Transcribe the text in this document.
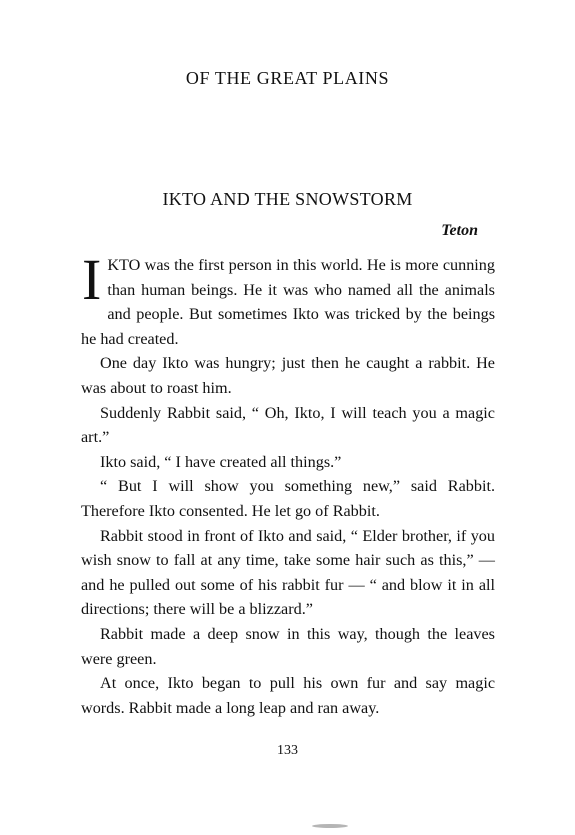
OF THE GREAT PLAINS
IKTO AND THE SNOWSTORM
Teton

IKTO was the first person in this world. He is more cunning than human beings. He it was who named all the animals and people. But sometimes Ikto was tricked by the beings he had created.

One day Ikto was hungry; just then he caught a rabbit. He was about to roast him.

Suddenly Rabbit said, “ Oh, Ikto, I will teach you a magic art.”

Ikto said, “ I have created all things.”

“ But I will show you something new,” said Rabbit. Therefore Ikto consented. He let go of Rabbit.

Rabbit stood in front of Ikto and said, “ Elder brother, if you wish snow to fall at any time, take some hair such as this,” — and he pulled out some of his rabbit fur — “ and blow it in all directions; there will be a blizzard.”

Rabbit made a deep snow in this way, though the leaves were green.

At once, Ikto began to pull his own fur and say magic words. Rabbit made a long leap and ran away.

133
